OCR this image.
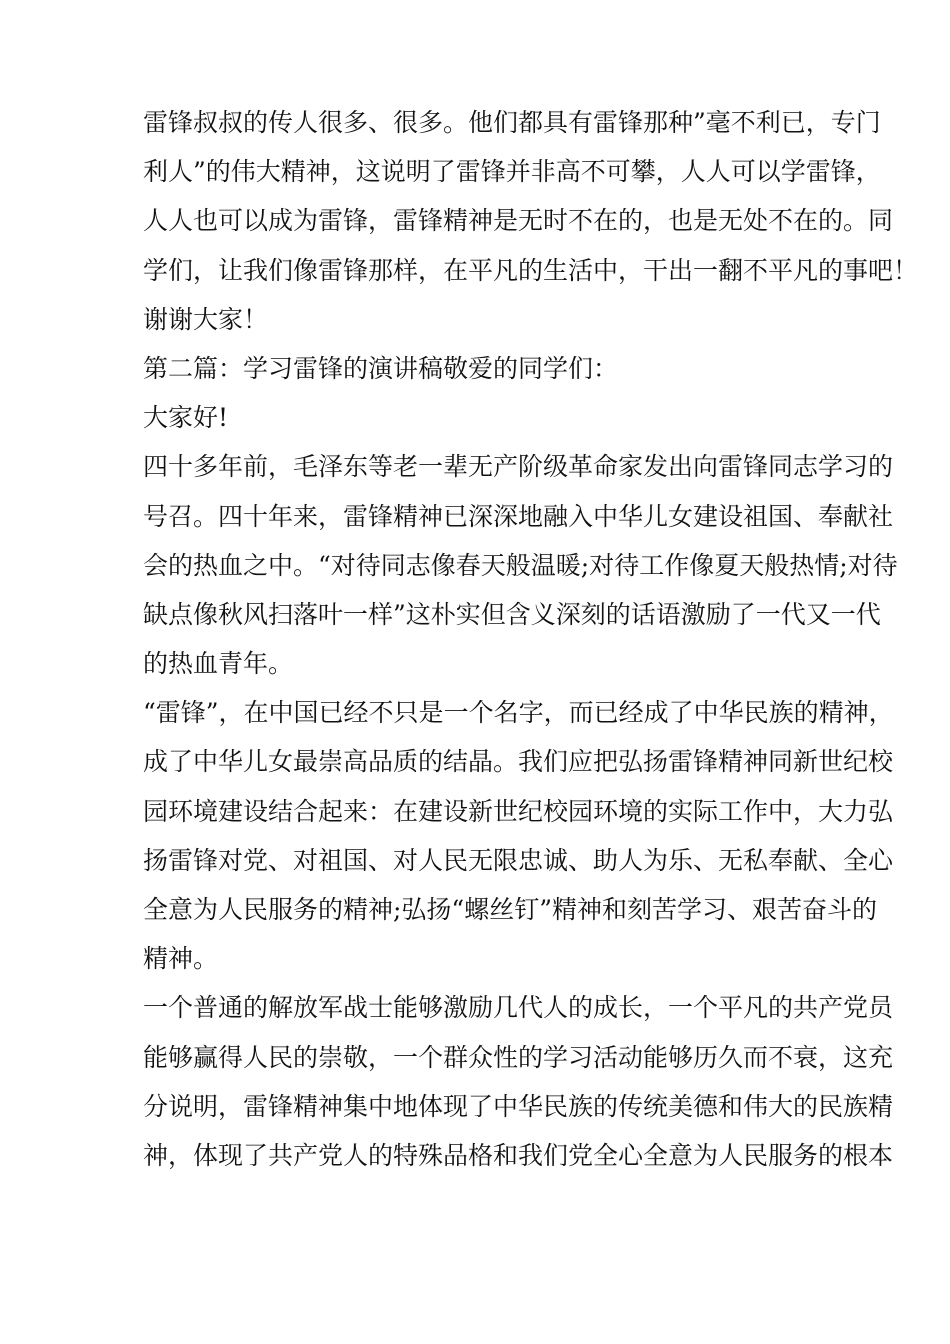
雷锋叔叔的传人很多、很多。他们都具有雷锋那种”毫不利已，专门
利人”的伟大精神，这说明了雷锋并非高不可攀，人人可以学雷锋，
人人也可以成为雷锋，雷锋精神是无时不在的，也是无处不在的。同
学们，让我们像雷锋那样，在平凡的生活中，干出一翻不平凡的事吧！
谢谢大家！
第二篇：学习雷锋的演讲稿敬爱的同学们：
大家好!
四十多年前，毛泽东等老一辈无产阶级革命家发出向雷锋同志学习的
号召。四十年来，雷锋精神已深深地融入中华儿女建设祖国、奉献社
会的热血之中。“对待同志像春天般温暖;对待工作像夏天般热情;对待
缺点像秋风扫落叶一样”这朴实但含义深刻的话语激励了一代又一代
的热血青年。
“雷锋”，在中国已经不只是一个名字，而已经成了中华民族的精神，
成了中华儿女最崇高品质的结晶。我们应把弘扬雷锋精神同新世纪校
园环境建设结合起来：在建设新世纪校园环境的实际工作中，大力弘
扬雷锋对党、对祖国、对人民无限忠诚、助人为乐、无私奉献、全心
全意为人民服务的精神;弘扬“螺丝钉”精神和刻苦学习、艰苦奋斗的
精神。
一个普通的解放军战士能够激励几代人的成长，一个平凡的共产党员
能够赢得人民的崇敬，一个群众性的学习活动能够历久而不衰，这充
分说明，雷锋精神集中地体现了中华民族的传统美德和伟大的民族精
神，体现了共产党人的特殊品格和我们党全心全意为人民服务的根本
